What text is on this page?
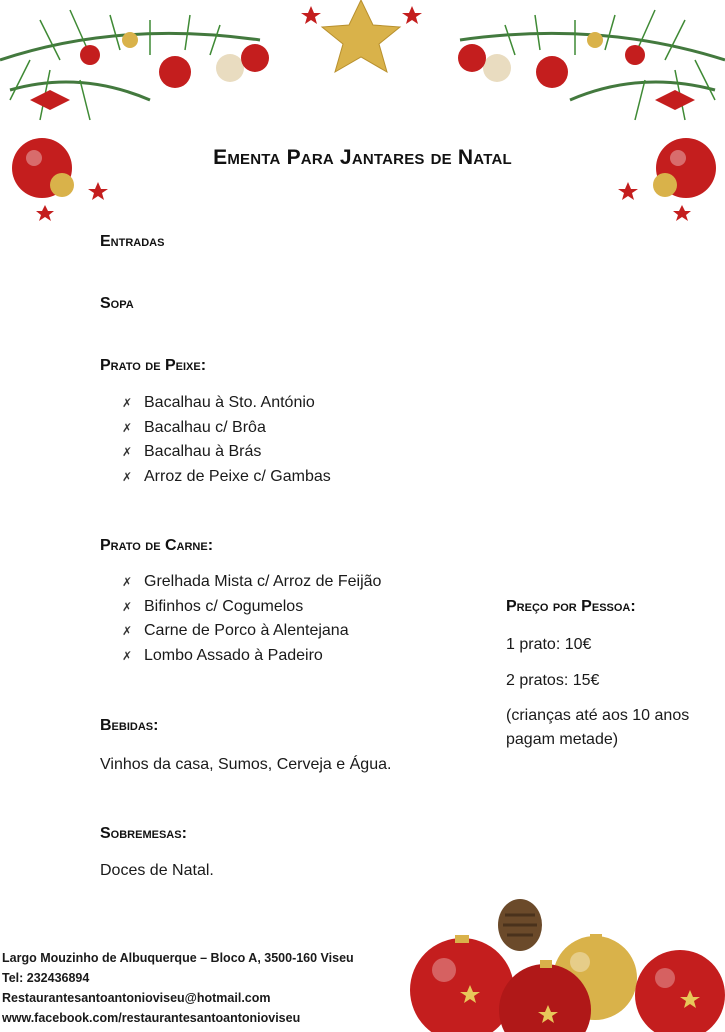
Ementa Para Jantares de Natal
Entradas
Sopa
Prato de Peixe:
✗ Bacalhau à Sto. António
✗ Bacalhau c/ Brôa
✗ Bacalhau à Brás
✗ Arroz de Peixe c/ Gambas
Prato de Carne:
✗ Grelhada Mista c/ Arroz de Feijão
✗ Bifinhos c/ Cogumelos
✗ Carne de Porco à Alentejana
✗ Lombo Assado à Padeiro
Bebidas:
Vinhos da casa, Sumos, Cerveja e Água.
Sobremesas:
Doces de Natal.
Preço por Pessoa:
1 prato: 10€
2 pratos: 15€
(crianças até aos 10 anos
pagam metade)
Largo Mouzinho de Albuquerque – Bloco A, 3500-160 Viseu
Tel: 232436894
Restaurantesantoantonioviseu@hotmail.com
www.facebook.com/restaurantesantoantonioviseu
